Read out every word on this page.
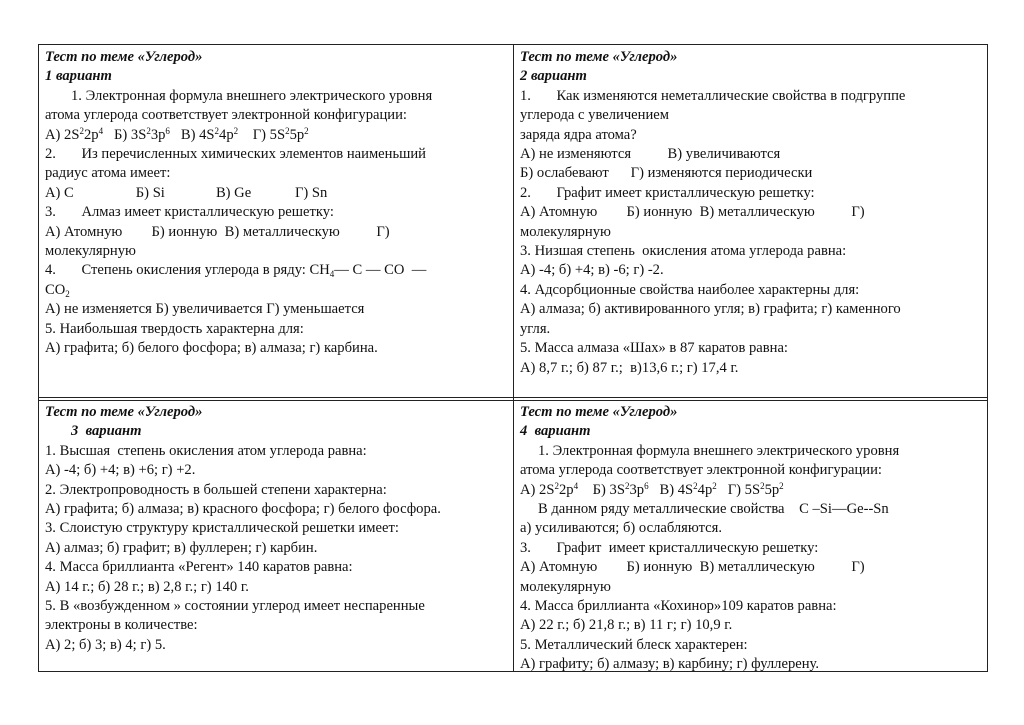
Тест по теме «Углерод»
1 вариант
1. Электронная формула внешнего электрического уровня
атома углерода соответствует электронной конфигурации:
А) $2S^22p^4$ Б) $3S^23p^6$ В) $4S^24p^2$ Г) $5S^25p^2$
2.       Из перечисленных химических элементов наименьший
радиус атома имеет:
А) С                 Б) Si              В) Ge            Г) Sn
3.       Алмаз имеет кристаллическую решетку:
А) Атомную        Б) ионную  В) металлическую          Г)
молекулярную
4.       Степень окисления углерода в ряду: $CH_4—$ C — CO  —
$CO_2$
А) не изменяется Б) увеличивается Г) уменьшается
5. Наибольшая твердость характерна для:
А) графита; б) белого фосфора; в) алмаза; г) карбина.
Тест по теме «Углерод»
2 вариант
1.       Как изменяются неметаллические свойства в подгруппе
углерода с увеличением
заряда ядра атома?
А) не изменяются          В) увеличиваются
Б) ослабевают      Г) изменяются периодически
2.       Графит имеет кристаллическую решетку:
А) Атомную        Б) ионную  В) металлическую          Г)
молекулярную
3. Низшая степень  окисления атома углерода равна:
А) -4; б) +4; в) -6; г) -2.
4. Адсорбционные свойства наиболее характерны для:
А) алмаза; б) активированного угля; в) графита; г) каменного
угля.
5. Масса алмаза «Шах» в 87 каратов равна:
А) 8,7 г.; б) 87 г.;  в)13,6 г.; г) 17,4 г.
Тест по теме «Углерод»
3  вариант
1. Высшая  степень окисления атом углерода равна:
А) -4; б) +4; в) +6; г) +2.
2. Электропроводность в большей степени характерна:
А) графита; б) алмаза; в) красного фосфора; г) белого фосфора.
3. Слоистую структуру кристаллической решетки имеет:
А) алмаз; б) графит; в) фуллерен; г) карбин.
4. Масса бриллианта «Регент» 140 каратов равна:
А) 14 г.; б) 28 г.; в) 2,8 г.; г) 140 г.
5. В «возбужденном » состоянии углерод имеет неспаренные
электроны в количестве:
А) 2; б) 3; в) 4; г) 5.
Тест по теме «Углерод»
4  вариант
1. Электронная формула внешнего электрического уровня
атома углерода соответствует электронной конфигурации:
А) $2S^22p^4$ Б) $3S^23p^6$ В) $4S^24p^2$ Г) $5S^25p^2$
В данном ряду металлические свойства    С –Si—Ge--Sn
а) усиливаются; б) ослабляются.
3.       Графит  имеет кристаллическую решетку:
А) Атомную        Б) ионную  В) металлическую          Г)
молекулярную
4. Масса бриллианта «Кохинор»109 каратов равна:
А) 22 г.; б) 21,8 г.; в) 11 г; г) 10,9 г.
5. Металлический блеск характерен:
А) графиту; б) алмазу; в) карбину; г) фуллерену.
